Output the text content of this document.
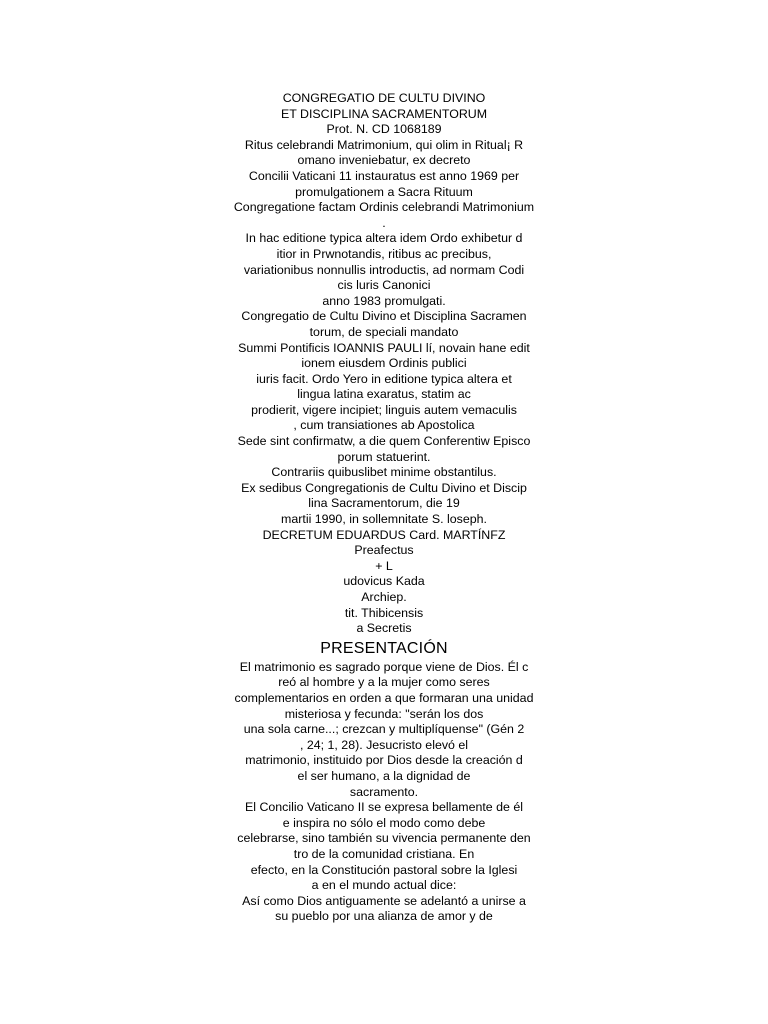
CONGREGATIO DE CULTU DIVINO
ET DISCIPLINA SACRAMENTORUM
Prot. N. CD 1068189
Ritus celebrandi Matrimonium, qui olim in Ritual¡ R
omano inveniebatur, ex decreto
Concilii Vaticani 11 instauratus est anno 1969 per
promulgationem a Sacra Rituum
Congregatione factam Ordinis celebrandi Matrimonium
.
In hac editione typica altera idem Ordo exhibetur d
itior in Prwnotandis, ritibus ac precibus,
variationibus nonnullis introductis, ad normam Codi
cis luris Canonici
anno 1983 promulgati.
Congregatio de Cultu Divino et Disciplina Sacramen
torum, de speciali mandato
Summi Pontificis IOANNIS PAULI lí, novain hane edit
ionem eiusdem Ordinis publici
iuris facit. Ordo Yero in editione typica altera et
lingua latina exaratus, statim ac
prodierit, vigere incipiet; linguis autem vemaculis
, cum transiationes ab Apostolica
Sede sint confirmatw, a die quem Conferentiw Episco
porum statuerint.
Contrariis quibuslibet minime obstantilus.
Ex sedibus Congregationis de Cultu Divino et Discip
lina Sacramentorum, die 19
martii 1990, in sollemnitate S. loseph.
DECRETUM EDUARDUS Card. MARTÍNFZ
Preafectus
+ L
udovicus Kada
Archiep.
tit. Thibicensis
a Secretis
PRESENTACIÓN
El matrimonio es sagrado porque viene de Dios. Él c
reó al hombre y a la mujer como seres
complementarios en orden a que formaran una unidad
misteriosa y fecunda: "serán los dos
una sola carne...; crezcan y multiplíquense" (Gén 2
, 24; 1, 28). Jesucristo elevó el
matrimonio, instituido por Dios desde la creación d
el ser humano, a la dignidad de
sacramento.
El Concilio Vaticano II se expresa bellamente de él
e inspira no sólo el modo como debe
celebrarse, sino también su vivencia permanente den
tro de la comunidad cristiana. En
efecto, en la Constitución pastoral sobre la Iglesi
a en el mundo actual dice:
Así como Dios antiguamente se adelantó a unirse a
su pueblo por una alianza de amor y de
